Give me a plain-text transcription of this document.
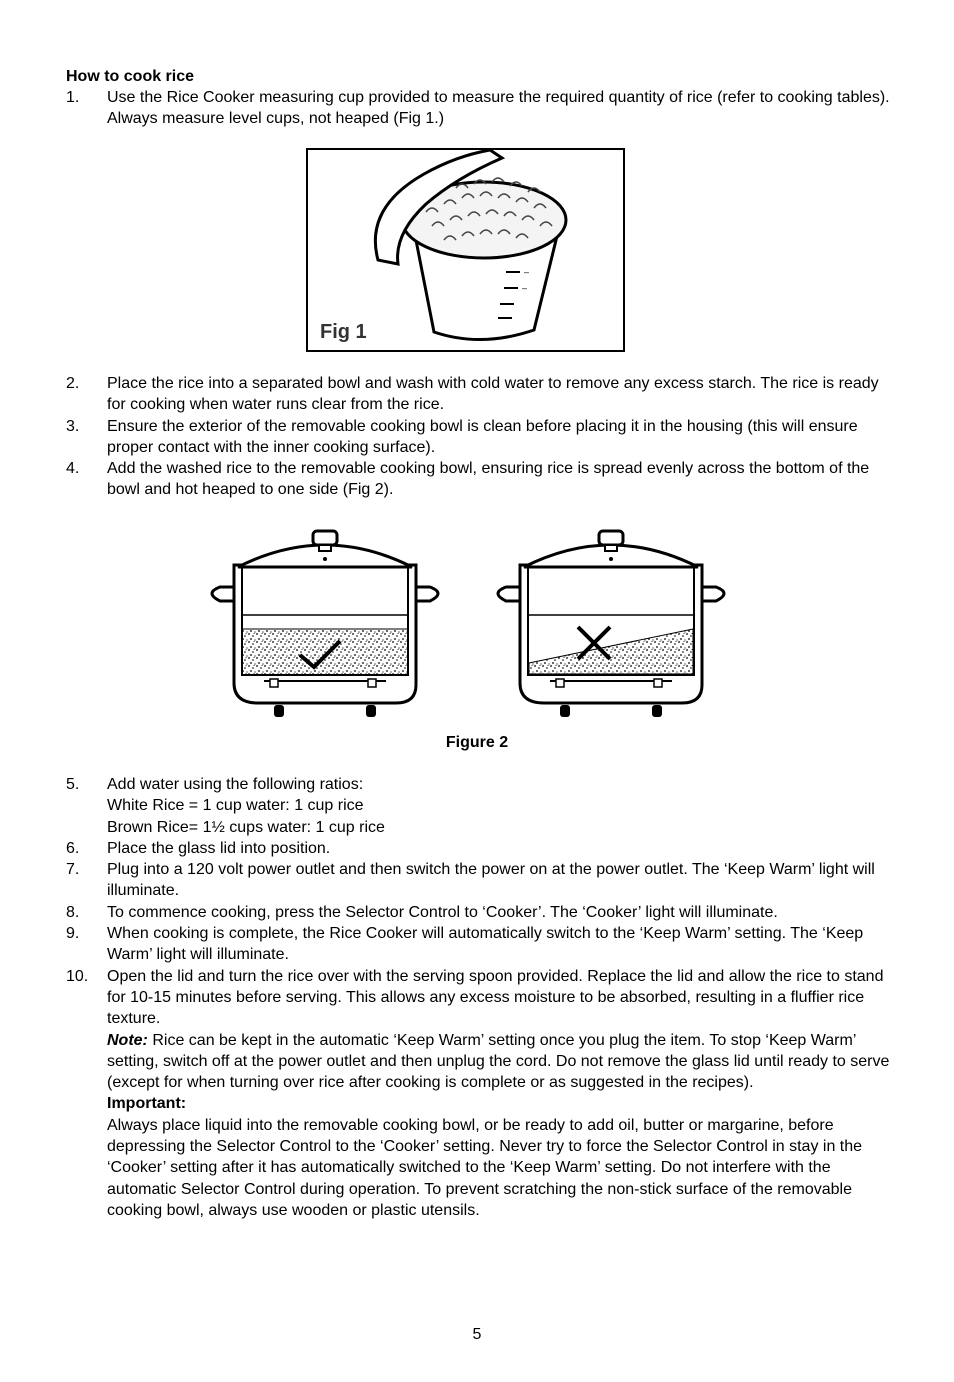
How to cook rice
1.	Use the Rice Cooker measuring cup provided to measure the required quantity of rice (refer to cooking tables). Always measure level cups, not heaped (Fig 1.)
–
–
Fig 1
2.	Place the rice into a separated bowl and wash with cold water to remove any excess starch. The rice is ready for cooking when water runs clear from the rice.
3.	Ensure the exterior of the removable cooking bowl is clean before placing it in the housing (this will ensure proper contact with the inner cooking surface).
4.	Add the washed rice to the removable cooking bowl, ensuring rice is spread evenly across the bottom of the bowl and hot heaped to one side (Fig 2).
Figure 2
5.	Add water using the following ratios:
White Rice = 1 cup water: 1 cup rice
Brown Rice= 1½ cups water: 1 cup rice
6.	Place the glass lid into position.
7.	Plug into a 120 volt power outlet and then switch the power on at the power outlet. The ‘Keep Warm’ light will illuminate.
8.	To commence cooking, press the Selector Control to ‘Cooker’. The ‘Cooker’ light will illuminate.
9.	When cooking is complete, the Rice Cooker will automatically switch to the ‘Keep Warm’ setting. The ‘Keep Warm’ light will illuminate.
10.	Open the lid and turn the rice over with the serving spoon provided. Replace the lid and allow the rice to stand for 10-15 minutes before serving. This allows any excess moisture to be absorbed, resulting in a fluffier rice texture.
Note: Rice can be kept in the automatic ‘Keep Warm’ setting once you plug the item. To stop ‘Keep Warm’ setting, switch off at the power outlet and then unplug the cord. Do not remove the glass lid until ready to serve (except for when turning over rice after cooking is complete or as suggested in the recipes).
Important:
Always place liquid into the removable cooking bowl, or be ready to add oil, butter or margarine, before depressing the Selector Control to the ‘Cooker’ setting. Never try to force the Selector Control in stay in the ‘Cooker’ setting after it has automatically switched to the ‘Keep Warm’ setting. Do not interfere with the automatic Selector Control during operation. To prevent scratching the non-stick surface of the removable cooking bowl, always use wooden or plastic utensils.
5
